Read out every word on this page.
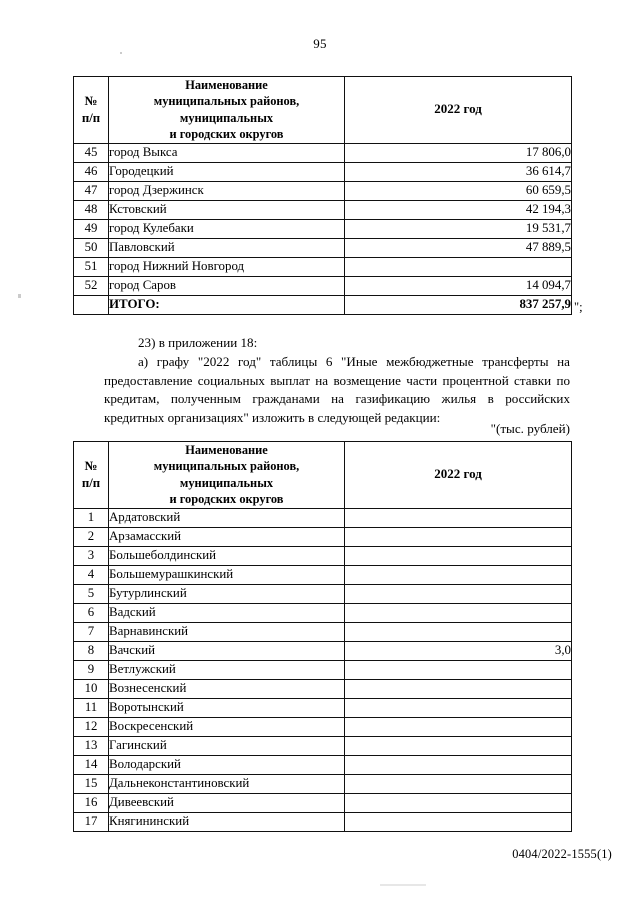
95
№
п/п

Наименование
муниципальных районов,
муниципальных
и городских округов
	2022 год
45	город Выкса	17 806,0
46	Городецкий	36 614,7
47	город Дзержинск	60 659,5
48	Кстовский	42 194,3
49	город Кулебаки	19 531,7
50	Павловский	47 889,5
51	город Нижний Новгород	
52	город Саров	14 094,7
	ИТОГО:	837 257,9 ";
23) в приложении 18:
а) графу "2022 год" таблицы 6 "Иные межбюджетные трансферты на предоставление социальных выплат на возмещение части процентной ставки по кредитам, полученным гражданами на газификацию жилья в российских кредитных организациях" изложить в следующей редакции:
"(тыс. рублей)
№
п/п

Наименование
муниципальных районов,
муниципальных
и городских округов
	2022 год
1	Ардатовский	
2	Арзамасский	
3	Большеболдинский	
4	Большемурашкинский	
5	Бутурлинский	
6	Вадский	
7	Варнавинский	
8	Вачский	3,0
9	Ветлужский	
10	Вознесенский	
11	Воротынский	
12	Воскресенский	
13	Гагинский	
14	Володарский	
15	Дальнеконстантиновский	
16	Дивеевский	
17	Княгининский	
0404/2022-1555(1)
